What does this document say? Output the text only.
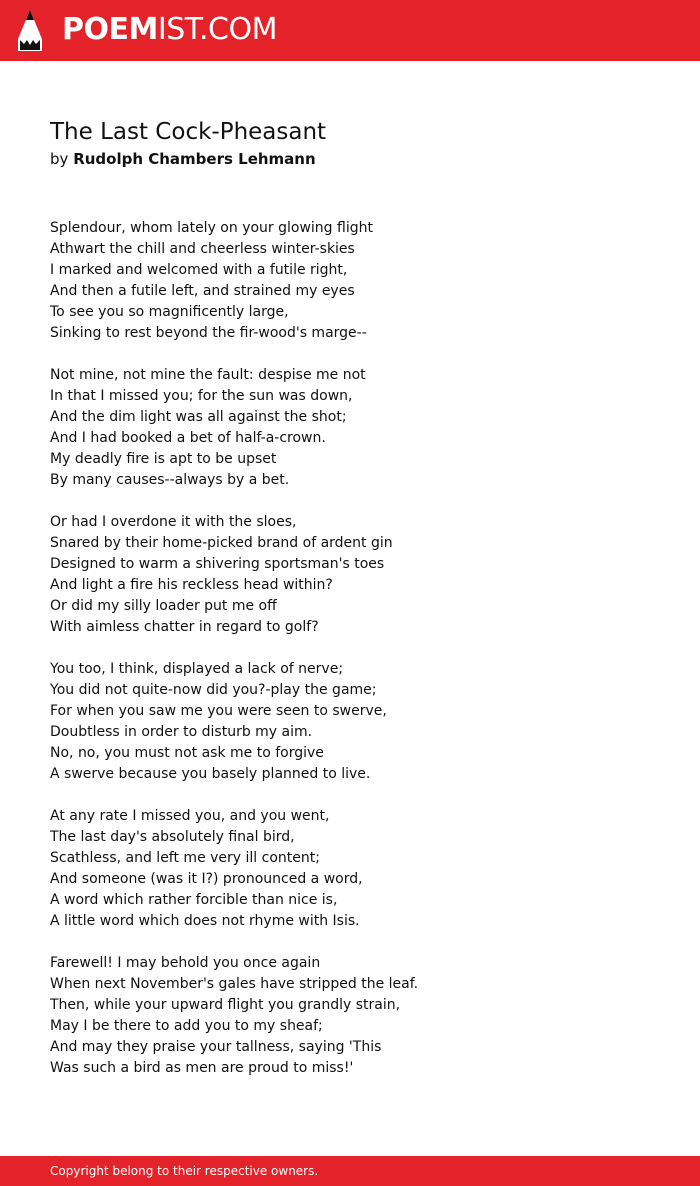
POEMIST.COM
The Last Cock-Pheasant
by Rudolph Chambers Lehmann
Splendour, whom lately on your glowing flight
Athwart the chill and cheerless winter-skies
I marked and welcomed with a futile right,
And then a futile left, and strained my eyes
To see you so magnificently large,
Sinking to rest beyond the fir-wood's marge--
Not mine, not mine the fault: despise me not
In that I missed you; for the sun was down,
And the dim light was all against the shot;
And I had booked a bet of half-a-crown.
My deadly fire is apt to be upset
By many causes--always by a bet.
Or had I overdone it with the sloes,
Snared by their home-picked brand of ardent gin
Designed to warm a shivering sportsman's toes
And light a fire his reckless head within?
Or did my silly loader put me off
With aimless chatter in regard to golf?
You too, I think, displayed a lack of nerve;
You did not quite-now did you?-play the game;
For when you saw me you were seen to swerve,
Doubtless in order to disturb my aim.
No, no, you must not ask me to forgive
A swerve because you basely planned to live.
At any rate I missed you, and you went,
The last day's absolutely final bird,
Scathless, and left me very ill content;
And someone (was it I?) pronounced a word,
A word which rather forcible than nice is,
A little word which does not rhyme with Isis.
Farewell! I may behold you once again
When next November's gales have stripped the leaf.
Then, while your upward flight you grandly strain,
May I be there to add you to my sheaf;
And may they praise your tallness, saying 'This
Was such a bird as men are proud to miss!'
Copyright belong to their respective owners.
